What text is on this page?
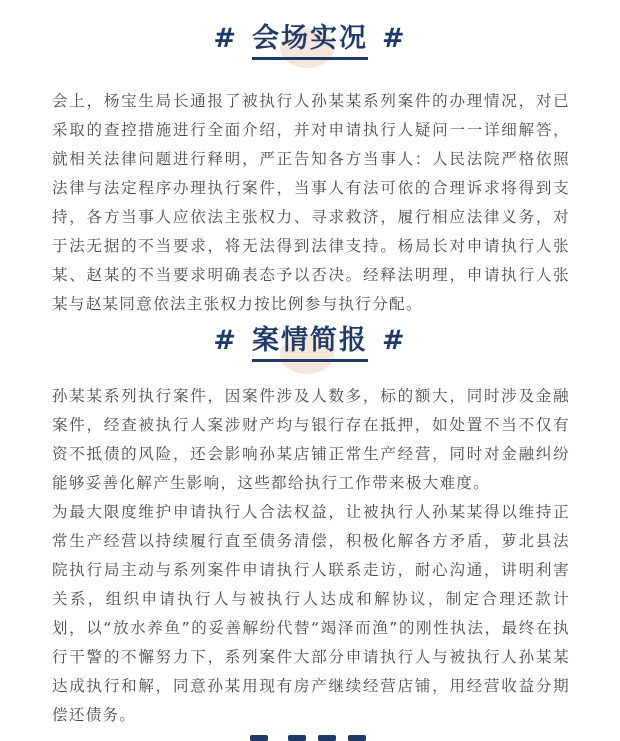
# 会场实况 #

会上，杨宝生局长通报了被执行人孙某某系列案件的办理情况，对已采取的查控措施进行全面介绍，并对申请执行人疑问一一详细解答，就相关法律问题进行释明，严正告知各方当事人：人民法院严格依照法律与法定程序办理执行案件，当事人有法可依的合理诉求将得到支持，各方当事人应依法主张权力、寻求救济，履行相应法律义务，对于法无据的不当要求，将无法得到法律支持。杨局长对申请执行人张某、赵某的不当要求明确表态予以否决。经释法明理，申请执行人张某与赵某同意依法主张权力按比例参与执行分配。

# 案情简报 #

孙某某系列执行案件，因案件涉及人数多，标的额大，同时涉及金融案件，经查被执行人案涉财产均与银行存在抵押，如处置不当不仅有资不抵债的风险，还会影响孙某店铺正常生产经营，同时对金融纠纷能够妥善化解产生影响，这些都给执行工作带来极大难度。

为最大限度维护申请执行人合法权益，让被执行人孙某某得以维持正常生产经营以持续履行直至债务清偿，积极化解各方矛盾，萝北县法院执行局主动与系列案件申请执行人联系走访，耐心沟通，讲明利害关系，组织申请执行人与被执行人达成和解协议，制定合理还款计划，以“放水养鱼”的妥善解纷代替“竭泽而渔”的刚性执法，最终在执行干警的不懈努力下，系列案件大部分申请执行人与被执行人孙某某达成执行和解，同意孙某用现有房产继续经营店铺，用经营收益分期偿还债务。
